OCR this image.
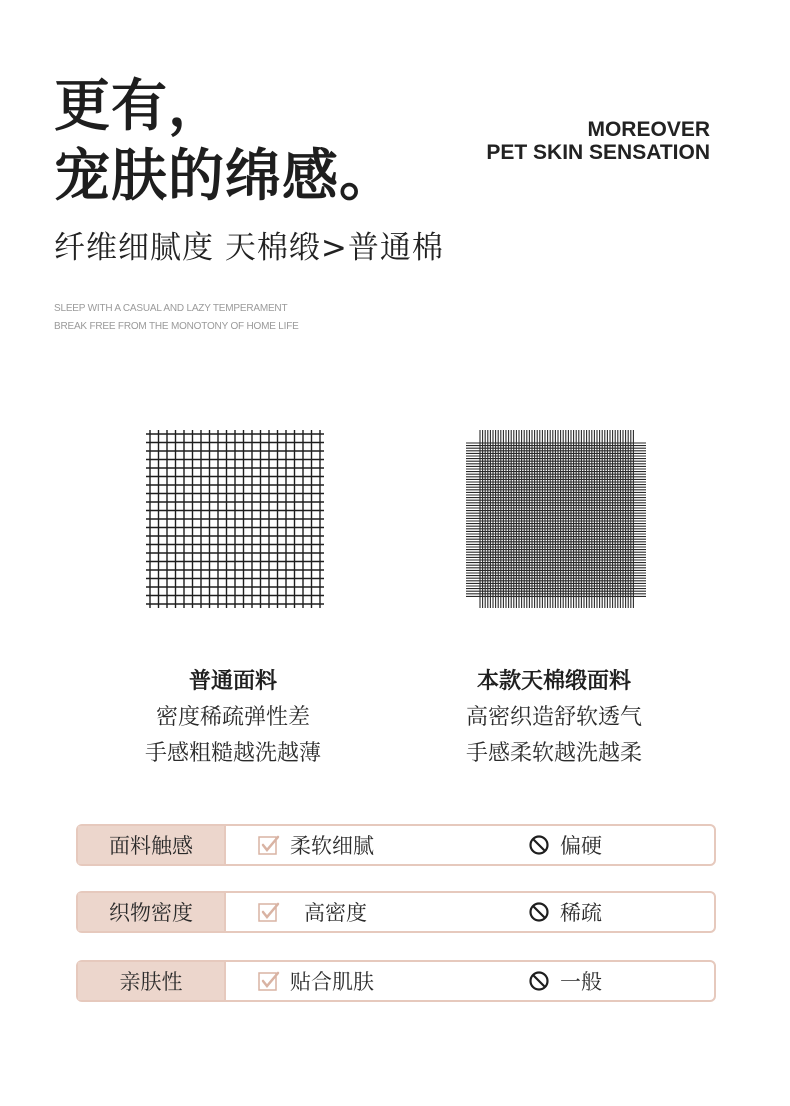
更有，
宠肤的绵感。
MOREOVER
PET SKIN SENSATION
纤维细腻度 天棉缎>普通棉
SLEEP WITH A CASUAL AND LAZY TEMPERAMENT
BREAK FREE FROM THE MONOTONY OF HOME LIFE
普通面料
密度稀疏弹性差
手感粗糙越洗越薄
本款天棉缎面料
高密织造舒软透气
手感柔软越洗越柔
面料触感	柔软细腻	偏硬
织物密度	高密度	稀疏
亲肤性	贴合肌肤	一般
